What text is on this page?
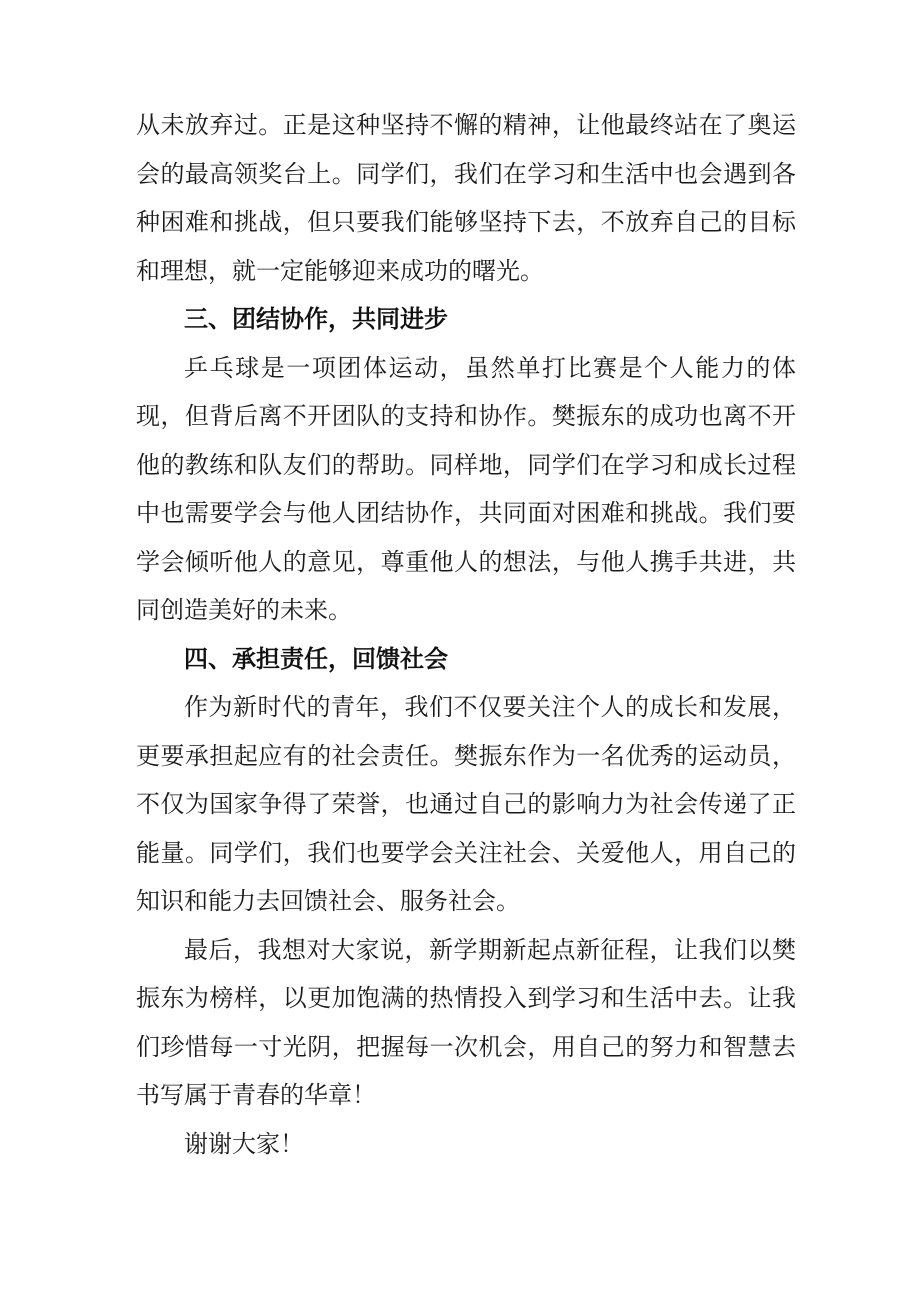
从未放弃过。正是这种坚持不懈的精神，让他最终站在了奥运会的最高领奖台上。同学们，我们在学习和生活中也会遇到各种困难和挑战，但只要我们能够坚持下去，不放弃自己的目标和理想，就一定能够迎来成功的曙光。

三、团结协作，共同进步

乒乓球是一项团体运动，虽然单打比赛是个人能力的体现，但背后离不开团队的支持和协作。樊振东的成功也离不开他的教练和队友们的帮助。同样地，同学们在学习和成长过程中也需要学会与他人团结协作，共同面对困难和挑战。我们要学会倾听他人的意见，尊重他人的想法，与他人携手共进，共同创造美好的未来。

四、承担责任，回馈社会

作为新时代的青年，我们不仅要关注个人的成长和发展，更要承担起应有的社会责任。樊振东作为一名优秀的运动员，不仅为国家争得了荣誉，也通过自己的影响力为社会传递了正能量。同学们，我们也要学会关注社会、关爱他人，用自己的知识和能力去回馈社会、服务社会。

最后，我想对大家说，新学期新起点新征程，让我们以樊振东为榜样，以更加饱满的热情投入到学习和生活中去。让我们珍惜每一寸光阴，把握每一次机会，用自己的努力和智慧去书写属于青春的华章！

谢谢大家！
